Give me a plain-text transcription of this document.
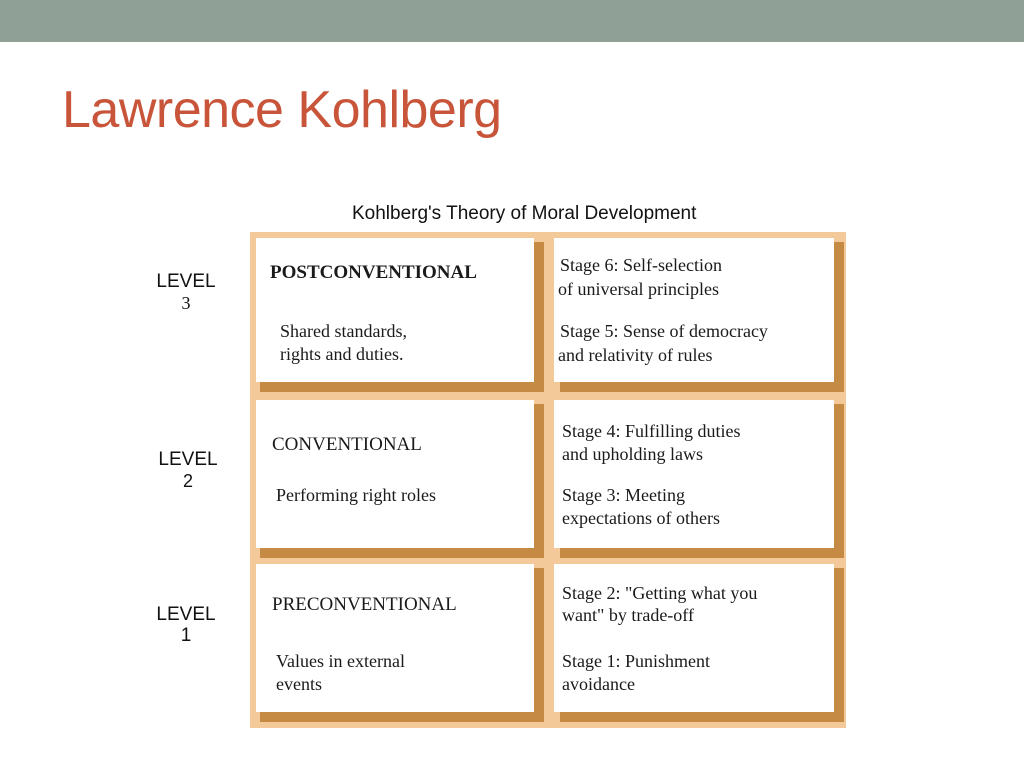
Lawrence Kohlberg
Kohlberg's Theory of Moral Development
LEVEL
3
LEVEL
2
LEVEL
1
POSTCONVENTIONAL
Shared standards,
rights and duties.
Stage 6: Self-selection
of universal principles
Stage 5: Sense of democracy
and relativity of rules
CONVENTIONAL
Performing right roles
Stage 4: Fulfilling duties
and upholding laws
Stage 3: Meeting
expectations of others
PRECONVENTIONAL
Values in external
events
Stage 2: "Getting what you
want" by trade-off
Stage 1: Punishment
avoidance
